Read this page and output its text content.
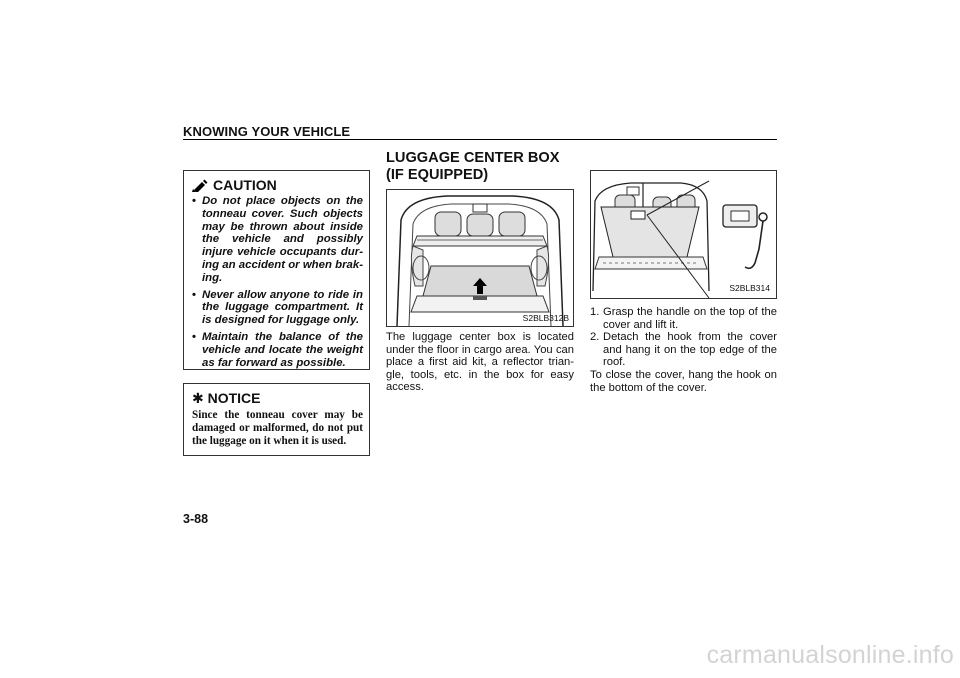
KNOWING YOUR VEHICLE
CAUTION
• Do not place objects on the tonneau cover. Such objects may be thrown about inside the vehicle and possibly injure vehicle occupants dur-ing an accident or when brak-ing.
• Never allow anyone to ride in the luggage compartment. It is designed for luggage only.
• Maintain the balance of the vehicle and locate the weight as far forward as possible.
✱ NOTICE
Since the tonneau cover may be damaged or malformed, do not put the luggage on it when it is used.
LUGGAGE CENTER BOX
(IF EQUIPPED)
S2BLB312B
The luggage center box is located under the floor in cargo area. You can place a first aid kit, a reflector trian-gle, tools, etc. in the box for easy access.
S2BLB314
1. Grasp the handle on the top of the cover and lift it.
2. Detach the hook from the cover and hang it on the top edge of the roof.
To close the cover, hang the hook on the bottom of the cover.
3-88
carmanualsonline.info
